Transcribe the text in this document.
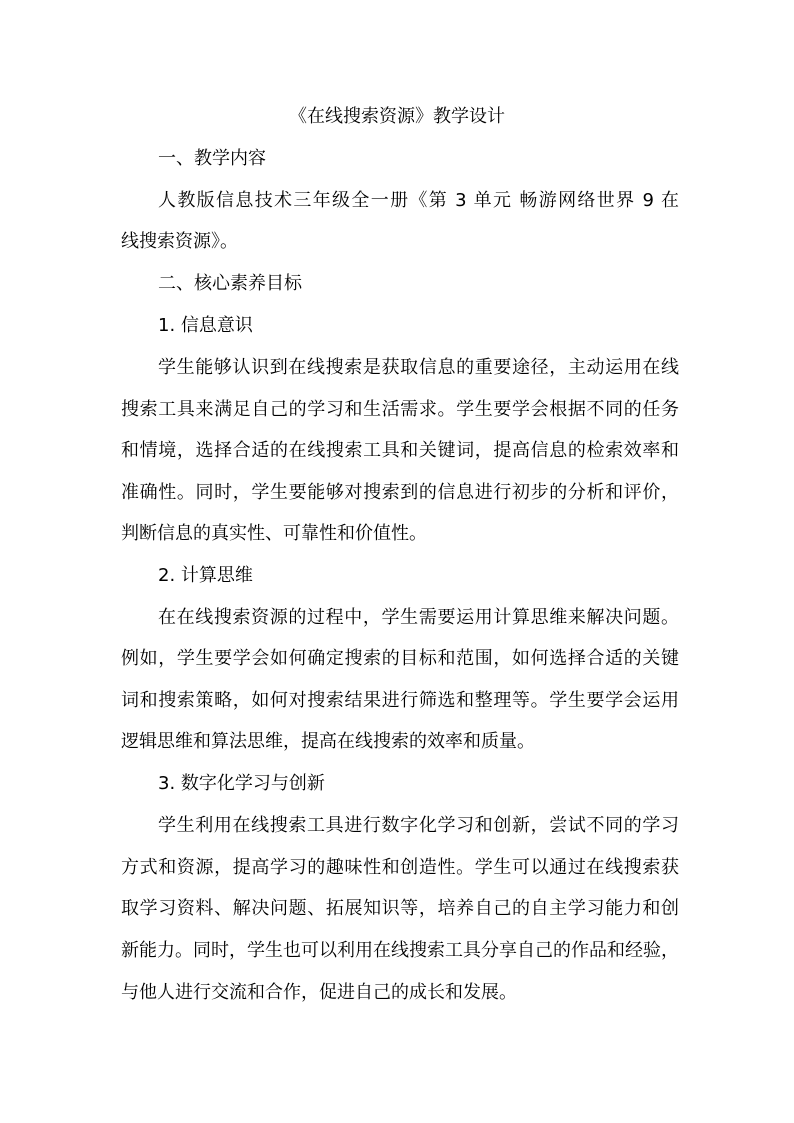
《在线搜索资源》教学设计
一、教学内容
人教版信息技术三年级全一册《第 3 单元 畅游网络世界 9 在
线搜索资源》。
二、核心素养目标
1. 信息意识
学生能够认识到在线搜索是获取信息的重要途径，主动运用在线
搜索工具来满足自己的学习和生活需求。学生要学会根据不同的任务
和情境，选择合适的在线搜索工具和关键词，提高信息的检索效率和
准确性。同时，学生要能够对搜索到的信息进行初步的分析和评价，
判断信息的真实性、可靠性和价值性。
2. 计算思维
在在线搜索资源的过程中，学生需要运用计算思维来解决问题。
例如，学生要学会如何确定搜索的目标和范围，如何选择合适的关键
词和搜索策略，如何对搜索结果进行筛选和整理等。学生要学会运用
逻辑思维和算法思维，提高在线搜索的效率和质量。
3. 数字化学习与创新
学生利用在线搜索工具进行数字化学习和创新，尝试不同的学习
方式和资源，提高学习的趣味性和创造性。学生可以通过在线搜索获
取学习资料、解决问题、拓展知识等，培养自己的自主学习能力和创
新能力。同时，学生也可以利用在线搜索工具分享自己的作品和经验，
与他人进行交流和合作，促进自己的成长和发展。
